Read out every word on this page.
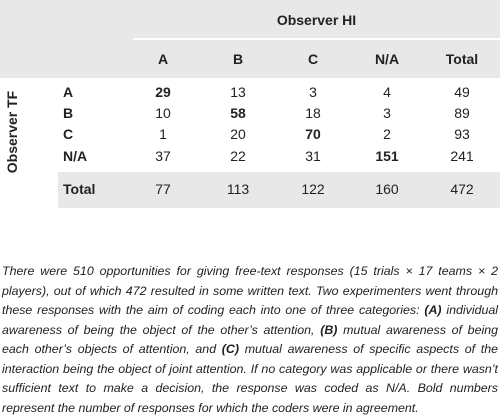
Observer HI
A	B	C	N/A	Total
Observer TF	A	29	13	3	4	49
B	10	58	18	3	89
C	1	20	70	2	93
N/A	37	22	31	151	241
Total	77	113	122	160	472

There were 510 opportunities for giving free-text responses (15 trials × 17 teams × 2 players), out of which 472 resulted in some written text. Two experimenters went through these responses with the aim of coding each into one of three categories: (A) individual awareness of being the object of the other’s attention, (B) mutual awareness of being each other’s objects of attention, and (C) mutual awareness of specific aspects of the interaction being the object of joint attention. If no category was applicable or there wasn’t sufficient text to make a decision, the response was coded as N/A. Bold numbers represent the number of responses for which the coders were in agreement.
